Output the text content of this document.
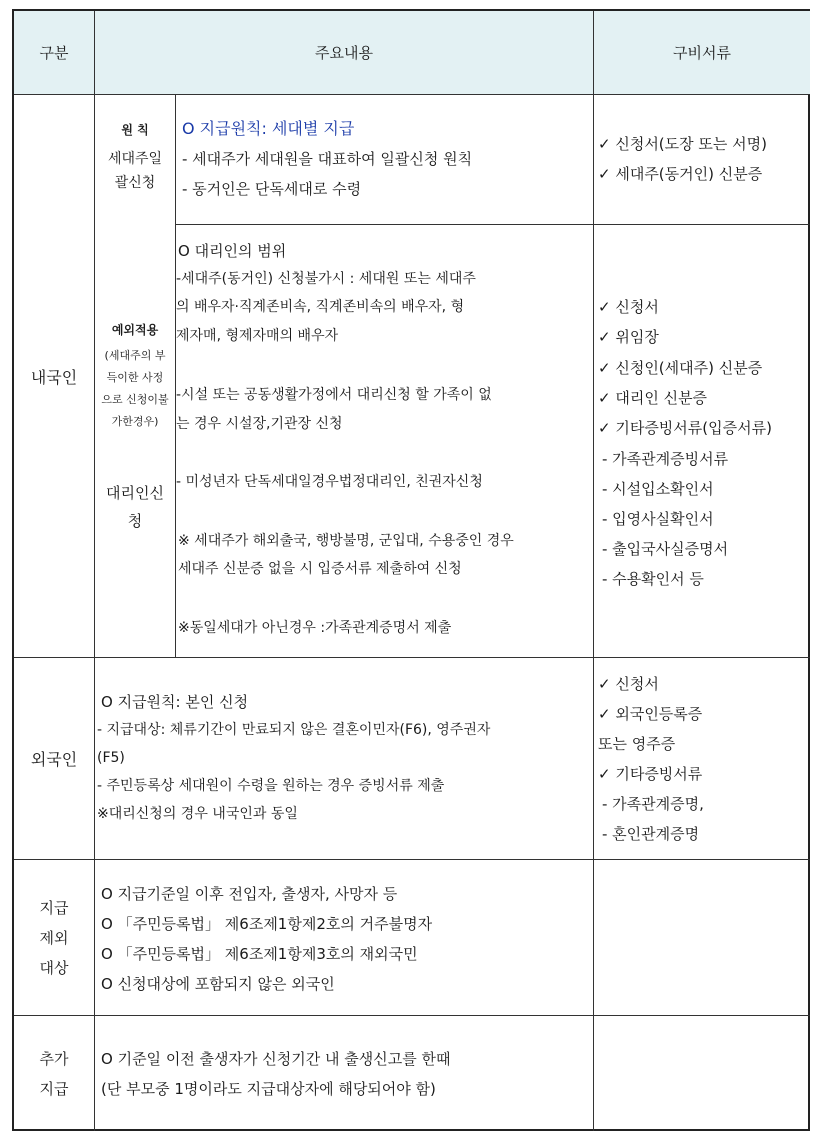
구분	주요내용	구비서류
내국인
원 칙
세대주일
괄신청
O 지급원칙: 세대별 지급
- 세대주가 세대원을 대표하여 일괄신청 원칙
- 동거인은 단독세대로 수령
✓ 신청서(도장 또는 서명)
✓ 세대주(동거인) 신분증
예외적용
(세대주의 부
득이한 사정
으로 신청이불
가한경우)
대리인신
청
O 대리인의 범위
-세대주(동거인) 신청불가시 : 세대원 또는 세대주
의 배우자·직계존비속, 직계존비속의 배우자, 형
제자매, 형제자매의 배우자
-시설 또는 공동생활가정에서 대리신청 할 가족이 없
는 경우 시설장,기관장 신청
- 미성년자 단독세대일경우법정대리인, 친권자신청
※ 세대주가 해외출국, 행방불명, 군입대, 수용중인 경우
세대주 신분증 없을 시 입증서류 제출하여 신청
※동일세대가 아닌경우 :가족관계증명서 제출
✓ 신청서
✓ 위임장
✓ 신청인(세대주) 신분증
✓ 대리인 신분증
✓ 기타증빙서류(입증서류)
- 가족관계증빙서류
- 시설입소확인서
- 입영사실확인서
- 출입국사실증명서
- 수용확인서 등
외국인
O 지급원칙: 본인 신청
- 지급대상: 체류기간이 만료되지 않은 결혼이민자(F6), 영주권자
(F5)
- 주민등록상 세대원이 수령을 원하는 경우 증빙서류 제출
※대리신청의 경우 내국인과 동일
✓ 신청서
✓ 외국인등록증
또는 영주증
✓ 기타증빙서류
- 가족관계증명,
- 혼인관계증명
지급
제외
대상
O 지급기준일 이후 전입자, 출생자, 사망자 등
O 「주민등록법」 제6조제1항제2호의 거주불명자
O 「주민등록법」 제6조제1항제3호의 재외국민
O 신청대상에 포함되지 않은 외국인
추가
지급
O 기준일 이전 출생자가 신청기간 내 출생신고를 한때
(단 부모중 1명이라도 지급대상자에 해당되어야 함)
